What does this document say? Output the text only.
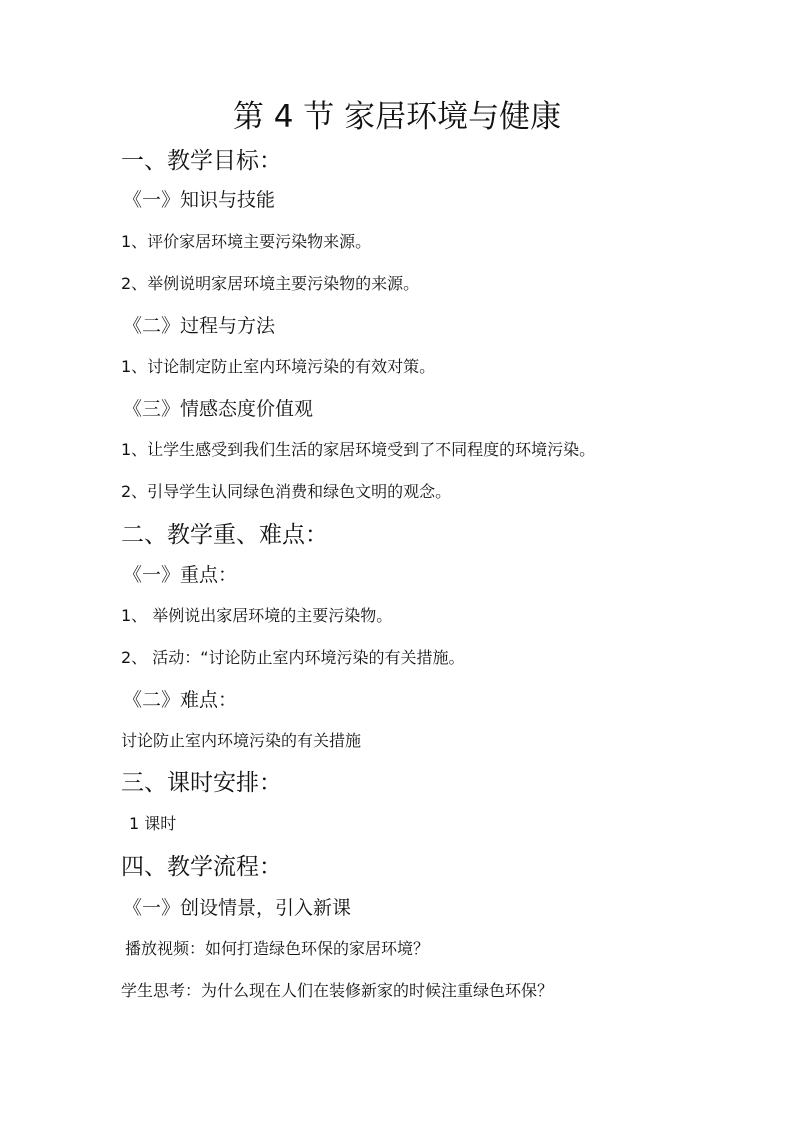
第 4 节 家居环境与健康
一、教学目标：
《一》知识与技能
1、评价家居环境主要污染物来源。
2、举例说明家居环境主要污染物的来源。
《二》过程与方法
1、讨论制定防止室内环境污染的有效对策。
《三》情感态度价值观
1、让学生感受到我们生活的家居环境受到了不同程度的环境污染。
2、引导学生认同绿色消费和绿色文明的观念。
二、教学重、难点：
《一》重点：
1、 举例说出家居环境的主要污染物。
2、 活动：“讨论防止室内环境污染的有关措施。
《二》难点：
讨论防止室内环境污染的有关措施
三、课时安排：
1 课时
四、教学流程：
《一》创设情景，引入新课
播放视频：如何打造绿色环保的家居环境？
学生思考：为什么现在人们在装修新家的时候注重绿色环保？
